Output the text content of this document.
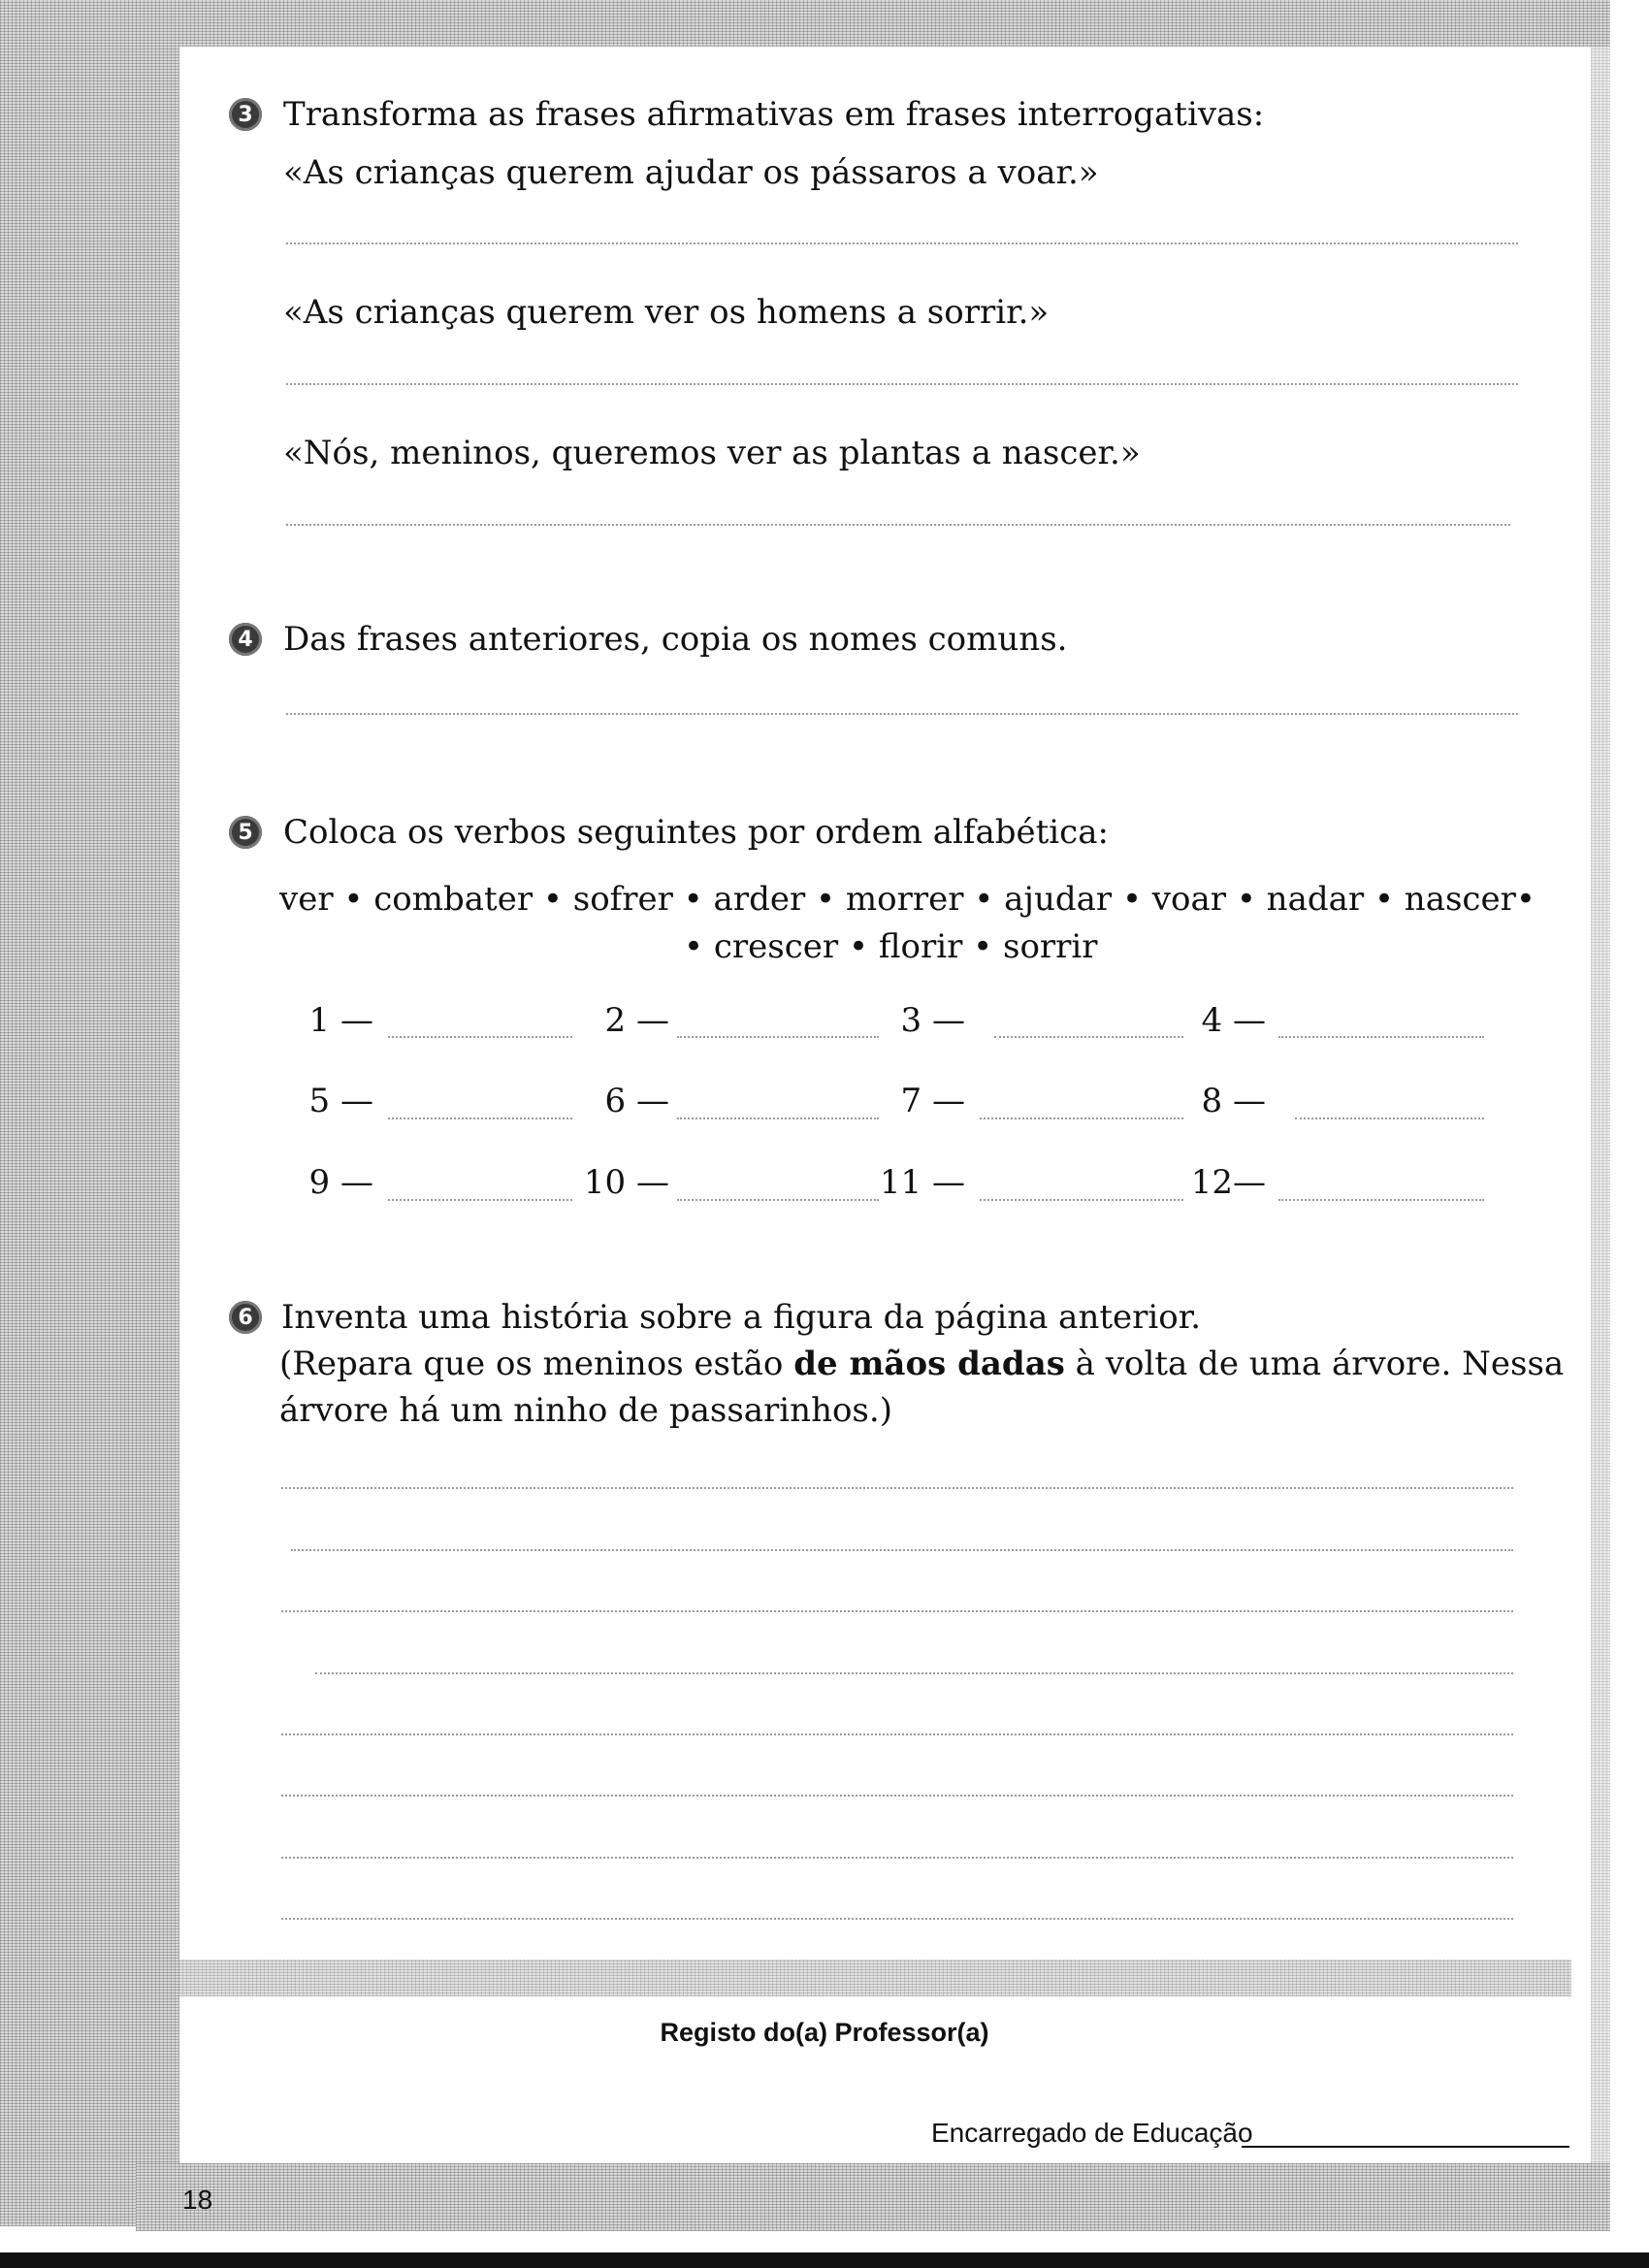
3 Transforma as frases afirmativas em frases interrogativas:
«As crianças querem ajudar os pássaros a voar.»
«As crianças querem ver os homens a sorrir.»
«Nós, meninos, queremos ver as plantas a nascer.»
4 Das frases anteriores, copia os nomes comuns.
5 Coloca os verbos seguintes por ordem alfabética:
ver • combater • sofrer • arder • morrer • ajudar • voar • nadar • nascer•
• crescer • florir • sorrir
1 —	2 —	3 —	4 —
5 —	6 —	7 —	8 —
9 —	10 —	11 —	12—
6 Inventa uma história sobre a figura da página anterior.
(Repara que os meninos estão de mãos dadas à volta de uma árvore. Nessa
árvore há um ninho de passarinhos.)
Registo do(a) Professor(a)
Encarregado de Educação
18
